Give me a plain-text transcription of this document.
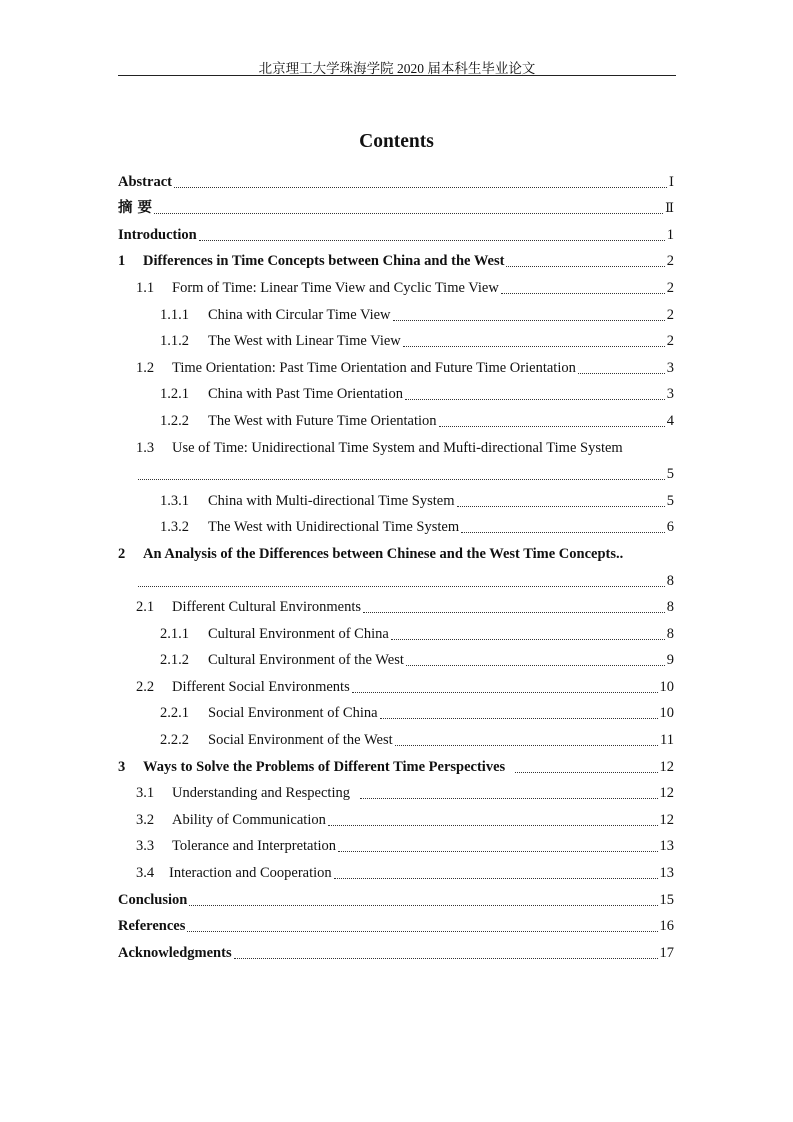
北京理工大学珠海学院 2020 届本科生毕业论文
Contents
Abstract	Ⅰ
摘 要	Ⅱ
Introduction	1
1	Differences in Time Concepts between China and the West	2
1.1	Form of Time: Linear Time View and Cyclic Time View	2
1.1.1	China with Circular Time View	2
1.1.2	The West with Linear Time View	2
1.2	Time Orientation: Past Time Orientation and Future Time Orientation	3
1.2.1	China with Past Time Orientation	3
1.2.2	The West with Future Time Orientation	4
1.3	Use of Time: Unidirectional Time System and Mufti-directional Time System
5
1.3.1	China with Multi-directional Time System	5
1.3.2	The West with Unidirectional Time System	6
2	An Analysis of the Differences between Chinese and the West Time Concepts ..
8
2.1	Different Cultural Environments	8
2.1.1	Cultural Environment of China	8
2.1.2	Cultural Environment of the West	9
2.2	Different Social Environments	10
2.2.1	Social Environment of China	10
2.2.2	Social Environment of the West	11
3	Ways to Solve the Problems of Different Time Perspectives	12
3.1	Understanding and Respecting	12
3.2	Ability of Communication	12
3.3	Tolerance and Interpretation	13
3.4	Interaction and Cooperation	13
Conclusion	15
References	16
Acknowledgments	17
